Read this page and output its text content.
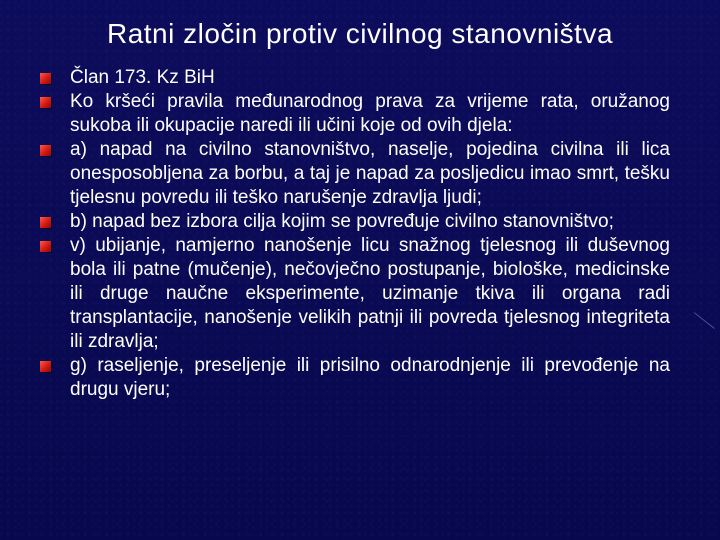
Ratni zločin protiv civilnog stanovništva
Član 173. Kz BiH
Ko kršeći pravila međunarodnog prava za vrijeme rata, oružanog sukoba ili okupacije naredi ili učini koje od ovih djela:
a) napad na civilno stanovništvo, naselje, pojedina civilna ili lica onesposobljena za borbu, a taj je napad za posljedicu imao smrt, tešku tjelesnu povredu ili teško narušenje zdravlja ljudi;
b) napad bez izbora cilja kojim se povređuje civilno stanovništvo;
v) ubijanje, namjerno nanošenje licu snažnog tjelesnog ili duševnog bola ili patne (mučenje), nečovječno postupanje, biološke, medicinske ili druge naučne eksperimente, uzimanje tkiva ili organa radi transplantacije, nanošenje velikih patnji ili povreda tjelesnog integriteta ili zdravlja;
g) raseljenje, preseljenje ili prisilno odnarodnjenje ili prevođenje na drugu vjeru;
